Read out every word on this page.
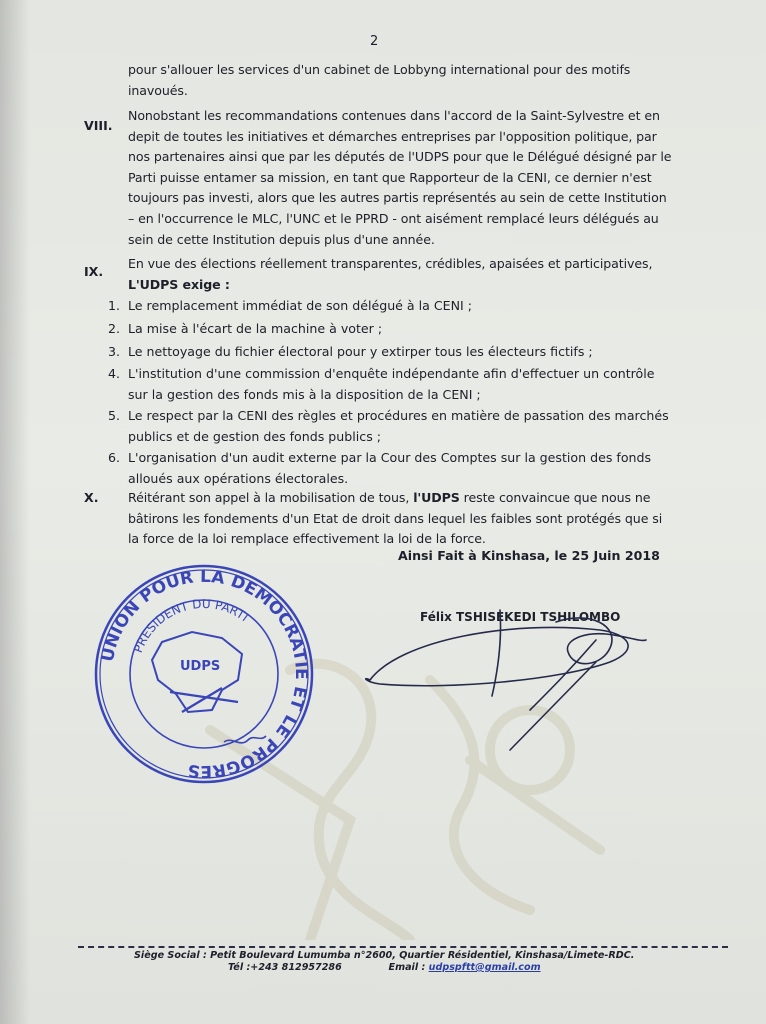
2
pour s'allouer les services d'un cabinet de Lobbyng international pour des motifs
inavoués.
VIII.
Nonobstant les recommandations contenues dans l'accord de la Saint-Sylvestre et en
depit de toutes les initiatives et démarches entreprises par l'opposition politique, par
nos partenaires ainsi que par les députés de l'UDPS pour que le Délégué désigné par le
Parti puisse entamer sa mission, en tant que Rapporteur de la CENI, ce dernier n'est
toujours pas investi, alors que les autres partis représentés au sein de cette Institution
– en l'occurrence le MLC, l'UNC et le PPRD - ont aisément remplacé leurs délégués au
sein de cette Institution depuis plus d'une année.
IX.
En vue des élections réellement transparentes, crédibles, apaisées et participatives,
L'UDPS exige :
1. Le remplacement immédiat de son délégué à la CENI ;
2. La mise à l'écart de la machine à voter ;
3. Le nettoyage du fichier électoral pour y extirper tous les électeurs fictifs ;
4. L'institution d'une commission d'enquête indépendante afin d'effectuer un contrôle
sur la gestion des fonds mis à la disposition de la CENI ;
5. Le respect par la CENI des règles et procédures en matière de passation des marchés
publics et de gestion des fonds publics ;
6. L'organisation d'un audit externe par la Cour des Comptes sur la gestion des fonds
alloués aux opérations électorales.
X. Réitérant son appel à la mobilisation de tous, l'UDPS reste convaincue que nous ne
bâtirons les fondements d'un Etat de droit dans lequel les faibles sont protégés que si
la force de la loi remplace effectivement la loi de la force.
Ainsi Fait à Kinshasa, le 25 Juin 2018
Félix TSHISEKEDI TSHILOMBO
UNION POUR LA DEMOCRATIE ET LE PROGRES
PRESIDENT DU PARTI
UDPS
Siège Social : Petit Boulevard Lumumba n°2600, Quartier Résidentiel, Kinshasa/Limete-RDC.
Tél :+243 812957286	Email : udpspftt@gmail.com
